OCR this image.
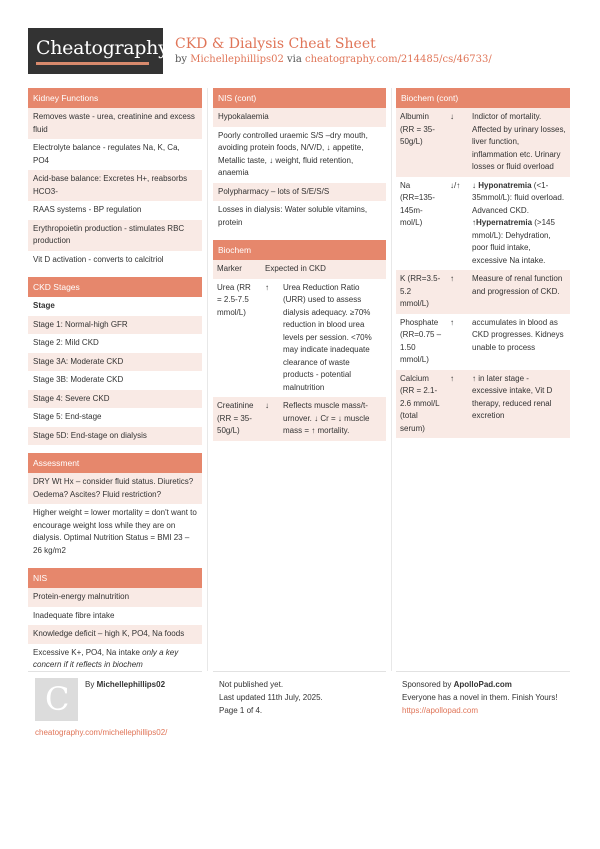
Cheatography CKD & Dialysis Cheat Sheet
by Michellephillips02 via cheatography.com/214485/cs/46733/
Kidney Functions
Removes waste - urea, creatinine and excess fluid
Electrolyte balance - regulates Na, K, Ca, PO4
Acid-base balance: Excretes H+, reabsorbs HCO3-
RAAS systems - BP regulation
Erythropoietin production - stimulates RBC production
Vit D activation - converts to calcitriol
CKD Stages
Stage
Stage 1: Normal-high GFR
Stage 2: Mild CKD
Stage 3A: Moderate CKD
Stage 3B: Moderate CKD
Stage 4: Severe CKD
Stage 5: End-stage
Stage 5D: End-stage on dialysis
Assessment
DRY Wt Hx – consider fluid status. Diuretics? Oedema? Ascites? Fluid restriction?
Higher weight = lower mortality = don't want to encourage weight loss while they are on dialysis. Optimal Nutrition Status = BMI 23 – 26 kg/m2
NIS
Protein-energy malnutrition
Inadequate fibre intake
Knowledge deficit – high K, PO4, Na foods
Excessive K+, PO4, Na intake only a key concern if it reflects in biochem
NIS (cont)
Hypokalaemia
Poorly controlled uraemic S/S –dry mouth, avoiding protein foods, N/V/D, ↓ appetite, Metallic taste, ↓ weight, fluid retention, anaemia
Polypharmacy – lots of S/E/S/S
Losses in dialysis: Water soluble vitamins, protein
Biochem
Marker	Expected in CKD	
Urea (RR = 2.5-7.5 mmol/L)	↑	Urea Reduction Ratio (URR) used to assess dialysis adequacy. ≥70% reduction in blood urea levels per session. <70% may indicate inadequate clearance of waste products - potential malnutrition
Creatinine (RR = 35-50g/L)	↓	Reflects muscle mass/turnover. ↓ Cr = ↓ muscle mass = ↑ mortality.
Biochem (cont)
Albumin (RR = 35-50g/L)	↓	Indictor of mortality. Affected by urinary losses, liver function, inflammation etc. Urinary losses or fluid overload
Na (RR=135-145mmol/L)	↓/↑	↓ Hyponatremia (<1-35mmol/L): fluid overload. Advanced CKD. ↑Hypernatremia (>145 mmol/L): Dehydration, poor fluid intake, excessive Na intake.
K (RR=3.5-5.2 mmol/L)	↑	Measure of renal function and progression of CKD.
Phosphate (RR=0.75 – 1.50 mmol/L)	↑	accumulates in blood as CKD progresses. Kidneys unable to process
Calcium (RR = 2.1-2.6 mmol/L (total serum)	↑	↑ in later stage - excessive intake, Vit D therapy, reduced renal excretion
C By Michellephillips02
cheatography.com/michellephillips02/
Not published yet.
Last updated 11th July, 2025.
Page 1 of 4.
Sponsored by ApolloPad.com
Everyone has a novel in them. Finish Yours!
https://apollopad.com
